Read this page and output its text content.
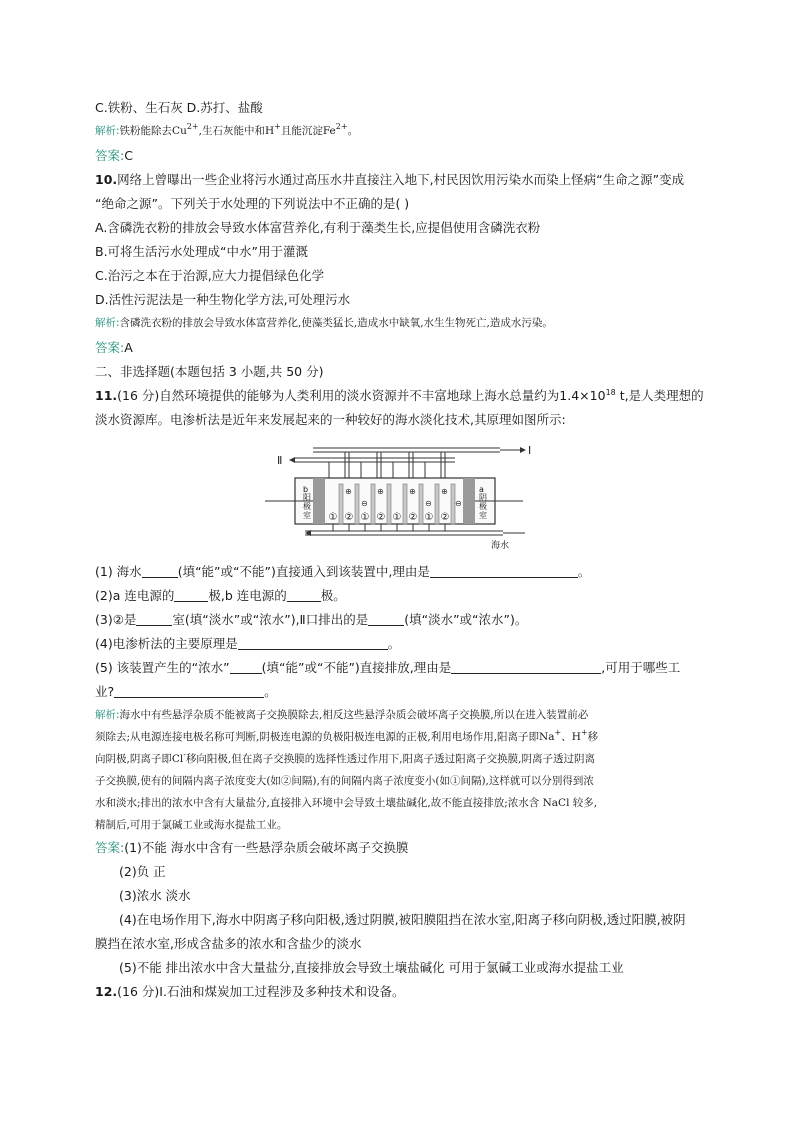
C.铁粉、生石灰 D.苏打、盐酸
解析:铁粉能除去$Cu^{2+}$,生石灰能中和H+且能沉淀$Fe^{2+}$。
答案:C
10.网络上曾曝出一些企业将污水通过高压水井直接注入地下,村民因饮用污染水而染上怪病“生命之源”变成
“绝命之源”。下列关于水处理的下列说法中不正确的是( )
A.含磷洗衣粉的排放会导致水体富营养化,有利于藻类生长,应提倡使用含磷洗衣粉
B.可将生活污水处理成“中水”用于灌溉
C.治污之本在于治源,应大力提倡绿色化学
D.活性污泥法是一种生物化学方法,可处理污水
解析:含磷洗衣粉的排放会导致水体富营养化,使藻类猛长,造成水中缺氧,水生生物死亡,造成水污染。
答案:A
二、非选择题(本题包括 3 小题,共 50 分)
11.(16 分)自然环境提供的能够为人类利用的淡水资源并不丰富地球上海水总量约为$1.4\times 10^{18}$ t,是人类理想的
淡水资源库。电渗析法是近年来发展起来的一种较好的海水淡化技术,其原理如图所示:
I
Ⅱ
⊕	⊕	⊕	⊕
⊖	⊖	⊖
① ② ① ② ① ② ① ②
b
阳
极
室
a
阴
极
室
海水
(1) 海水	(填“能”或“不能”)直接通入到该装置中,理由是	。
(2)a 连电源的	极,b 连电源的	极。
(3)②是	室(填“淡水”或“浓水”),Ⅱ口排出的是	(填“淡水”或“浓水”)。
(4)电渗析法的主要原理是	。
(5) 该装置产生的“浓水”	(填“能”或“不能”)直接排放,理由是	,可用于哪些工
业?	。
解析:海水中有些悬浮杂质不能被离子交换膜除去,相反这些悬浮杂质会破坏离子交换膜,所以在进入装置前必
须除去;从电源连接电极名称可判断,阴极连电源的负极阳极连电源的正极,利用电场作用,阳离子即Na+、H+移
向阴极,阴离子即Cl-移向阳极,但在离子交换膜的选择性透过作用下,阳离子透过阳离子交换膜,阴离子透过阴离
子交换膜,使有的间隔内离子浓度变大(如②间隔),有的间隔内离子浓度变小(如①间隔),这样就可以分别得到浓
水和淡水;排出的浓水中含有大量盐分,直接排入环境中会导致土壤盐碱化,故不能直接排放;浓水含 NaCl 较多,
精制后,可用于氯碱工业或海水提盐工业。
答案:(1)不能 海水中含有一些悬浮杂质会破坏离子交换膜
(2)负 正
(3)浓水 淡水
(4)在电场作用下,海水中阴离子移向阳极,透过阴膜,被阳膜阻挡在浓水室,阳离子移向阴极,透过阳膜,被阴
膜挡在浓水室,形成含盐多的浓水和含盐少的淡水
(5)不能 排出浓水中含大量盐分,直接排放会导致土壤盐碱化 可用于氯碱工业或海水提盐工业
12.(16 分)Ⅰ.石油和煤炭加工过程涉及多种技术和设备。
